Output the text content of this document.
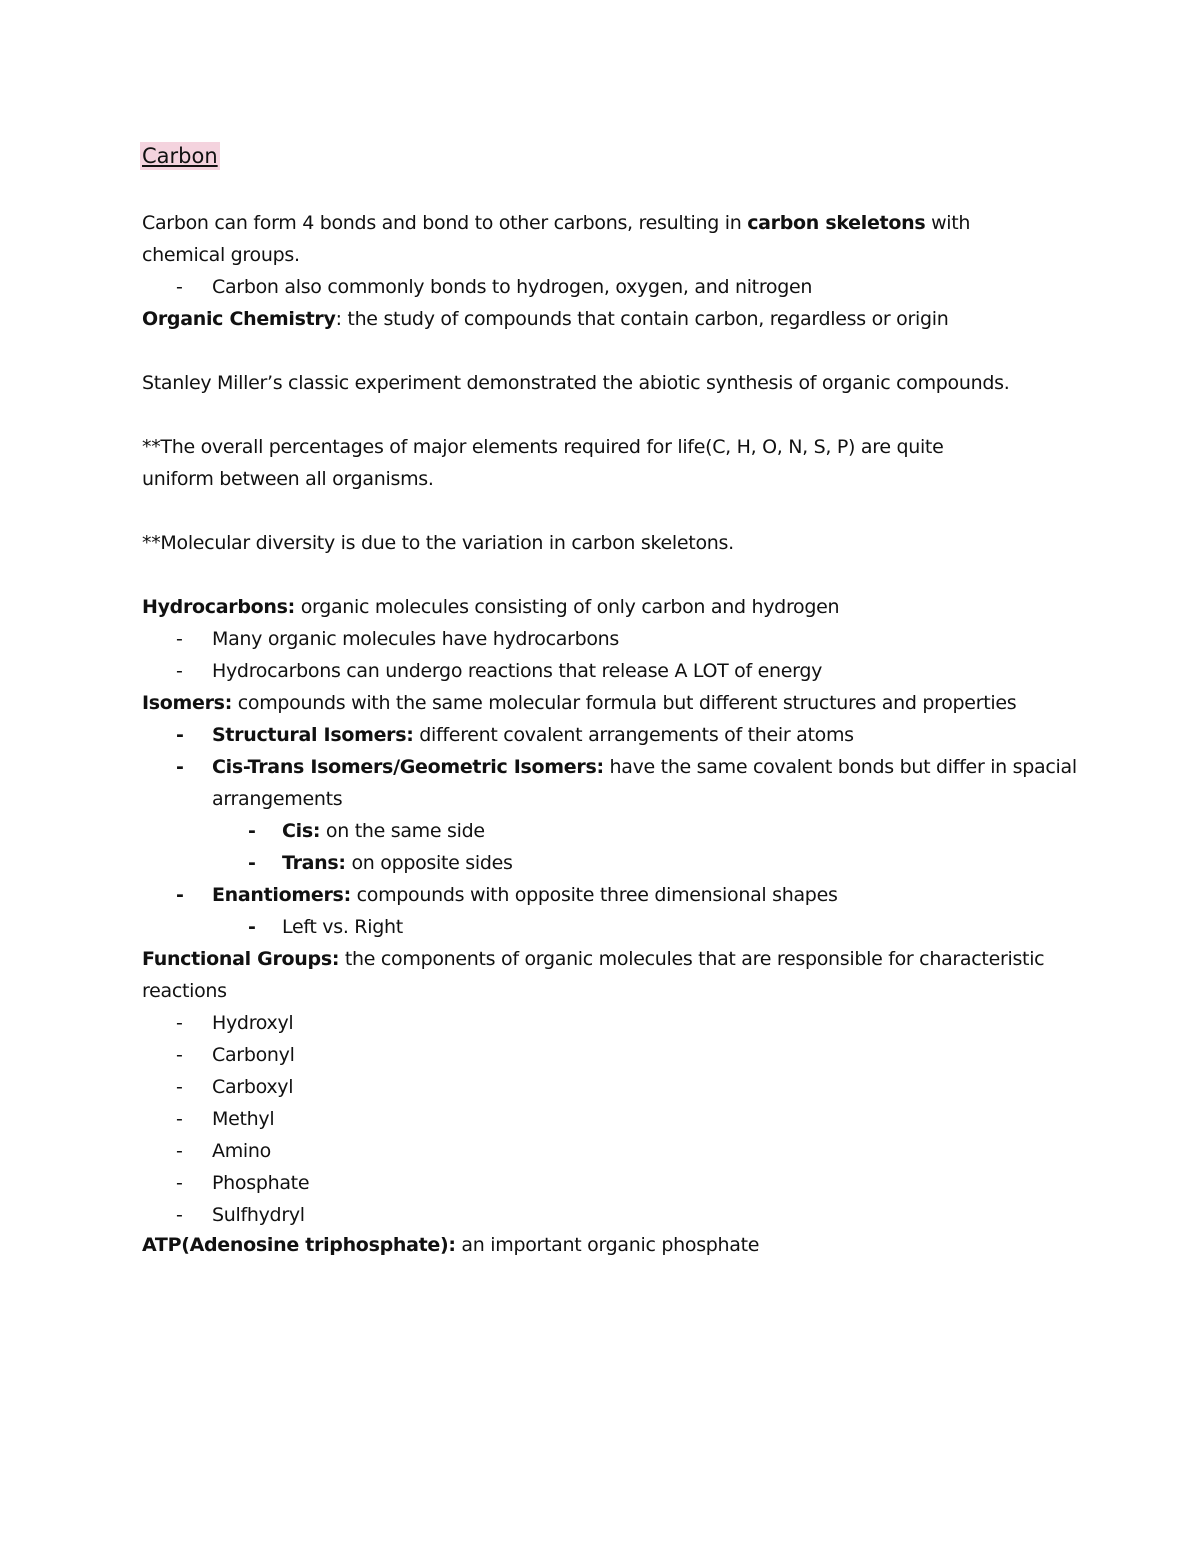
Carbon
Carbon can form 4 bonds and bond to other carbons, resulting in carbon skeletons with
chemical groups.
- Carbon also commonly bonds to hydrogen, oxygen, and nitrogen
Organic Chemistry: the study of compounds that contain carbon, regardless or origin
Stanley Miller’s classic experiment demonstrated the abiotic synthesis of organic compounds.
**The overall percentages of major elements required for life(C, H, O, N, S, P) are quite
uniform between all organisms.
**Molecular diversity is due to the variation in carbon skeletons.
Hydrocarbons: organic molecules consisting of only carbon and hydrogen
- Many organic molecules have hydrocarbons
- Hydrocarbons can undergo reactions that release A LOT of energy
Isomers: compounds with the same molecular formula but different structures and properties
- Structural Isomers: different covalent arrangements of their atoms
- Cis-Trans Isomers/Geometric Isomers: have the same covalent bonds but differ in spacial
arrangements
- Cis: on the same side
- Trans: on opposite sides
- Enantiomers: compounds with opposite three dimensional shapes
- Left vs. Right
Functional Groups: the components of organic molecules that are responsible for characteristic
reactions
- Hydroxyl
- Carbonyl
- Carboxyl
- Methyl
- Amino
- Phosphate
- Sulfhydryl
ATP(Adenosine triphosphate): an important organic phosphate
